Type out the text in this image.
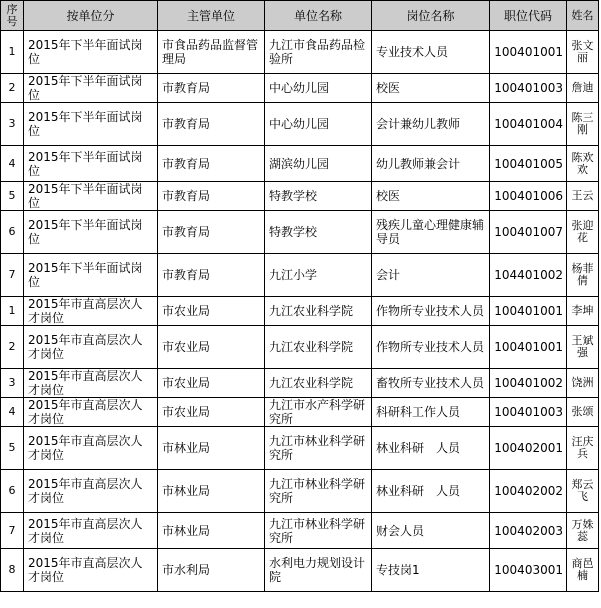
序号	按单位分	主管单位	单位名称	岗位名称	职位代码	姓名
1	2015年下半年面试岗位	市食品药品监督管理局	九江市食品药品检验所	专业技术人员	100401001	张文丽
2	2015年下半年面试岗位	市教育局	中心幼儿园	校医	100401003	詹迪
3	2015年下半年面试岗位	市教育局	中心幼儿园	会计兼幼儿教师	100401004	陈三刚
4	2015年下半年面试岗位	市教育局	湖滨幼儿园	幼儿教师兼会计	100401005	陈欢欢
5	2015年下半年面试岗位	市教育局	特教学校	校医	100401006	王云
6	2015年下半年面试岗位	市教育局	特教学校	残疾儿童心理健康辅导员	100401007	张迎花
7	2015年下半年面试岗位	市教育局	九江小学	会计	104401002	杨菲倩
1	2015年市直高层次人才岗位	市农业局	九江农业科学院	作物所专业技术人员	100401001	李坤
2	2015年市直高层次人才岗位	市农业局	九江农业科学院	作物所专业技术人员	100401001	王斌强
3	2015年市直高层次人才岗位	市农业局	九江农业科学院	畜牧所专业技术人员	100401002	饶洲
4	2015年市直高层次人才岗位	市农业局	九江市水产科学研究所	科研科工作人员	100401003	张颂
5	2015年市直高层次人才岗位	市林业局	九江市林业科学研究所	林业科研　人员	100402001	汪庆兵
6	2015年市直高层次人才岗位	市林业局	九江市林业科学研究所	林业科研　人员	100402002	郑云飞
7	2015年市直高层次人才岗位	市林业局	九江市林业科学研究所	财会人员	100402003	万姝蕊
8	2015年市直高层次人才岗位	市水利局	水利电力规划设计院	专技岗1	100403001	商邑楠
